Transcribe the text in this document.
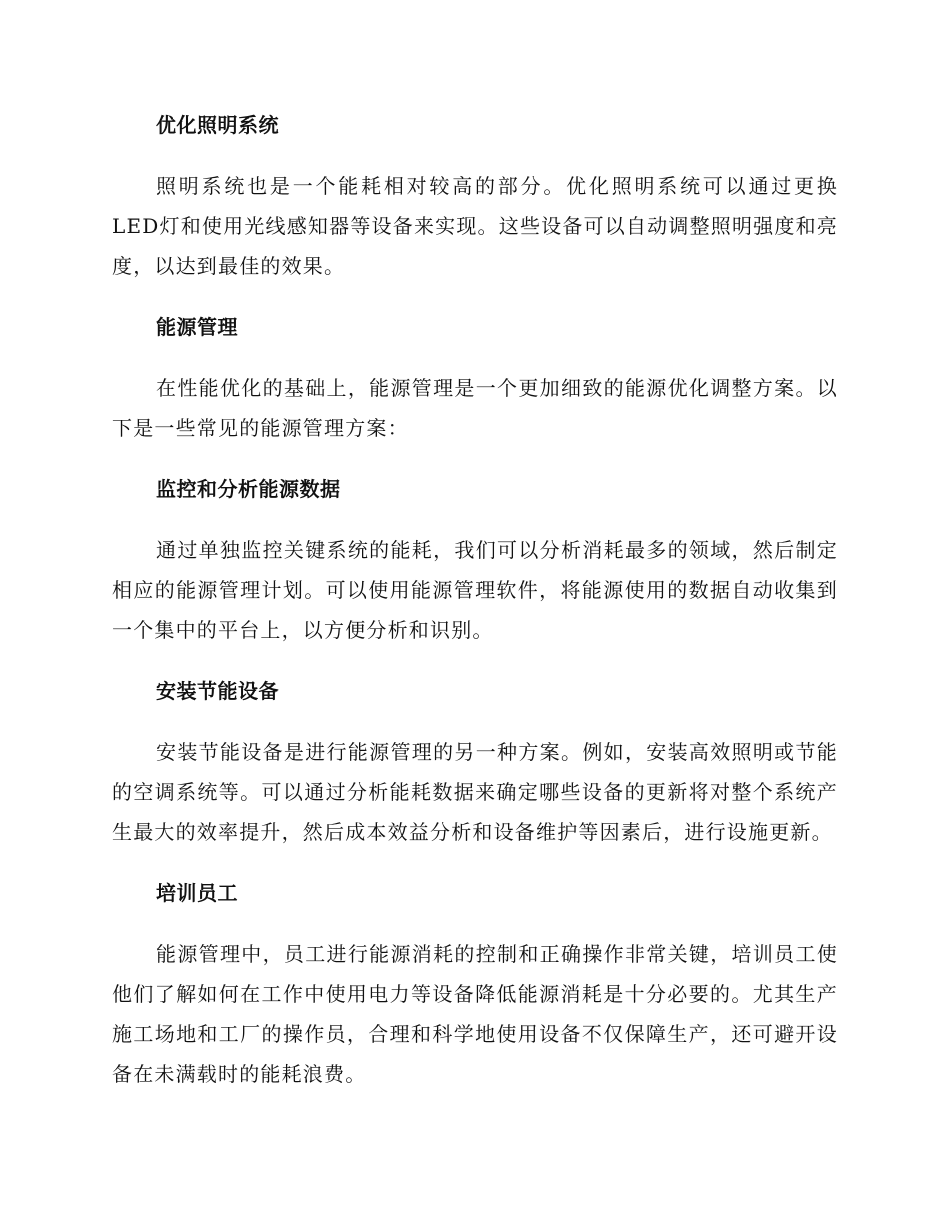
优化照明系统

照明系统也是一个能耗相对较高的部分。优化照明系统可以通过更换LED灯和使用光线感知器等设备来实现。这些设备可以自动调整照明强度和亮度，以达到最佳的效果。

能源管理

在性能优化的基础上，能源管理是一个更加细致的能源优化调整方案。以下是一些常见的能源管理方案：

监控和分析能源数据

通过单独监控关键系统的能耗，我们可以分析消耗最多的领域，然后制定相应的能源管理计划。可以使用能源管理软件，将能源使用的数据自动收集到一个集中的平台上，以方便分析和识别。

安装节能设备

安装节能设备是进行能源管理的另一种方案。例如，安装高效照明或节能的空调系统等。可以通过分析能耗数据来确定哪些设备的更新将对整个系统产生最大的效率提升，然后成本效益分析和设备维护等因素后，进行设施更新。

培训员工

能源管理中，员工进行能源消耗的控制和正确操作非常关键，培训员工使他们了解如何在工作中使用电力等设备降低能源消耗是十分必要的。尤其生产施工场地和工厂的操作员，合理和科学地使用设备不仅保障生产，还可避开设备在未满载时的能耗浪费。
